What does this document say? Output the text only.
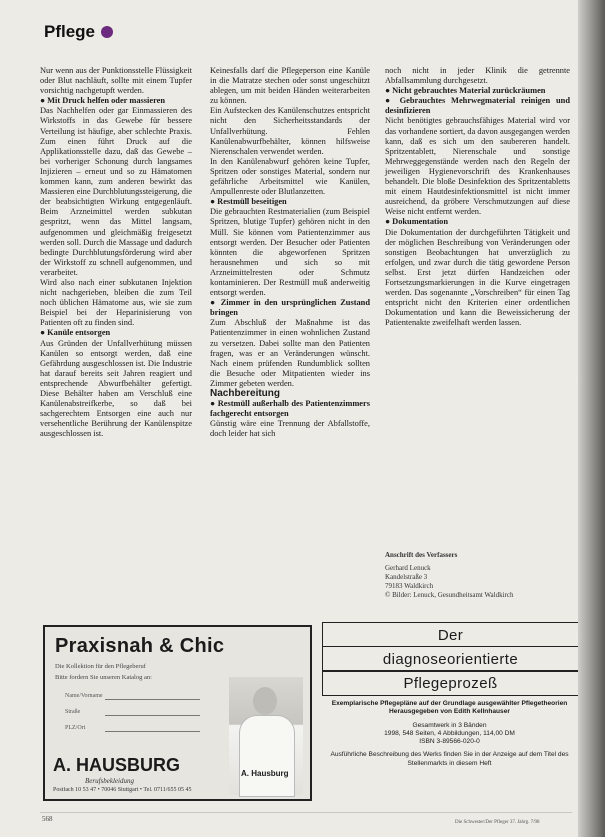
Pflege

Nur wenn aus der Punktionsstelle Flüssigkeit oder Blut nachläuft, sollte mit einem Tupfer vorsichtig nachgetupft werden.

● Mit Druck helfen oder massieren

Das Nachhelfen oder gar Einmassieren des Wirkstoffs in das Gewebe für bessere Verteilung ist häufige, aber schlechte Praxis. Zum einen führt Druck auf die Applikationsstelle dazu, daß das Gewebe – bei vorheriger Schonung durch langsames Injizieren – erneut und so zu Hämatomen kommen kann, zum anderen bewirkt das Massieren eine Durchblutungssteigerung, die der beabsichtigten Wirkung entgegenläuft. Beim Arzneimittel werden subkutan gespritzt, wenn das Mittel langsam, aufgenommen und gleichmäßig freigesetzt werden soll. Durch die Massage und dadurch bedingte Durchblutungsförderung wird aber der Wirkstoff zu schnell aufgenommen, und verarbeitet.

Wird also nach einer subkutanen Injektion nicht nachgerieben, bleiben die zum Teil noch üblichen Hämatome aus, wie sie zum Beispiel bei der Heparinisierung von Patienten oft zu finden sind.

● Kanüle entsorgen

Aus Gründen der Unfallverhütung müssen Kanülen so entsorgt werden, daß eine Gefährdung ausgeschlossen ist. Die Industrie hat darauf bereits seit Jahren reagiert und entsprechende Abwurfbehälter gefertigt. Diese Behälter haben am Verschluß eine Kanülenabstreifkerbe, so daß bei sachgerechtem Entsorgen eine auch nur versehentliche Berührung der Kanülenspitze ausgeschlossen ist.

Keinesfalls darf die Pflegeperson eine Kanüle in die Matratze stechen oder sonst ungeschützt ablegen, um mit beiden Händen weiterarbeiten zu können.

Ein Aufstecken des Kanülenschutzes entspricht nicht den Sicherheitsstandards der Unfallverhütung. Fehlen Kanülenabwurfbehälter, können hilfsweise Nierenschalen verwendet werden.

In den Kanülenabwurf gehören keine Tupfer, Spritzen oder sonstiges Material, sondern nur gefährliche Arbeitsmittel wie Kanülen, Ampullenreste oder Blutlanzetten.

● Restmüll beseitigen

Die gebrauchten Restmaterialien (zum Beispiel Spritzen, blutige Tupfer) gehören nicht in den Müll. Sie können vom Patientenzimmer aus entsorgt werden. Der Besucher oder Patienten könnten die abgeworfenen Spritzen herausnehmen und sich so mit Arzneimittelresten oder Schmutz kontaminieren. Der Restmüll muß anderweitig entsorgt werden.

● Zimmer in den ursprünglichen Zustand bringen

Zum Abschluß der Maßnahme ist das Patientenzimmer in einen wohnlichen Zustand zu versetzen. Dabei sollte man den Patienten fragen, was er an Veränderungen wünscht. Nach einem prüfenden Rundumblick sollten die Besuche oder Mitpatienten wieder ins Zimmer gebeten werden.

Nachbereitung

● Restmüll außerhalb des Patientenzimmers fachgerecht entsorgen

Günstig wäre eine Trennung der Abfallstoffe, doch leider hat sich

noch nicht in jeder Klinik die getrennte Abfallsammlung durchgesetzt.

● Nicht gebrauchtes Material zurückräumen

● Gebrauchtes Mehrwegmaterial reinigen und desinfizieren

Nicht benötigtes gebrauchsfähiges Material wird vor das vorhandene sortiert, da davon ausgegangen werden kann, daß es sich um den saubereren handelt. Spritzentablett, Nierenschale und sonstige Mehrweggegenstände werden nach den Regeln der jeweiligen Hygienevorschrift des Krankenhauses behandelt. Die bloße Desinfektion des Spritzentabletts mit einem Hautdesinfektionsmittel ist nicht immer ausreichend, da gröbere Verschmutzungen auf diese Weise nicht entfernt werden.

● Dokumentation

Die Dokumentation der durchgeführten Tätigkeit und der möglichen Beschreibung von Veränderungen oder sonstigen Beobachtungen hat unverzüglich zu erfolgen, und zwar durch die tätig gewordene Person selbst. Erst jetzt dürfen Handzeichen oder Fortsetzungsmarkierungen in die Kurve eingetragen werden. Das sogenannte „Vorschreiben“ für einen Tag entspricht nicht den Kriterien einer ordentlichen Dokumentation und kann die Beweissicherung der Patientenakte zweifelhaft werden lassen.

Anschrift des Verfassers
Gerhard Lenuck
Kandelstraße 3
79183 Waldkirch
© Bilder: Lenuck, Gesundheitsamt Waldkirch
Praxisnah & Chic
Die Kollektion für den Pflegeberuf
Bitte fordern Sie unseren Katalog an:
Name/Vorname
Straße
PLZ/Ort
A. Hausburg
A. HAUSBURG
Berufsbekleidung
Postfach 10 53 47 • 70046 Stuttgart • Tel. 0711/655 05 45
Der
diagnoseorientierte
Pflegeprozeß
Exemplarische Pflegepläne auf der Grundlage ausgewählter Pflegetheorien
Herausgegeben von Edith Kellnhauser
Gesamtwerk in 3 Bänden
1998, 548 Seiten, 4 Abbildungen, 114,00 DM
ISBN 3-89566-020-0
Ausführliche Beschreibung des Werks finden Sie in der Anzeige auf dem Titel des Stellenmarkts in diesem Heft
568	Die Schwester/Der Pfleger 37. Jahrg. 7/98
